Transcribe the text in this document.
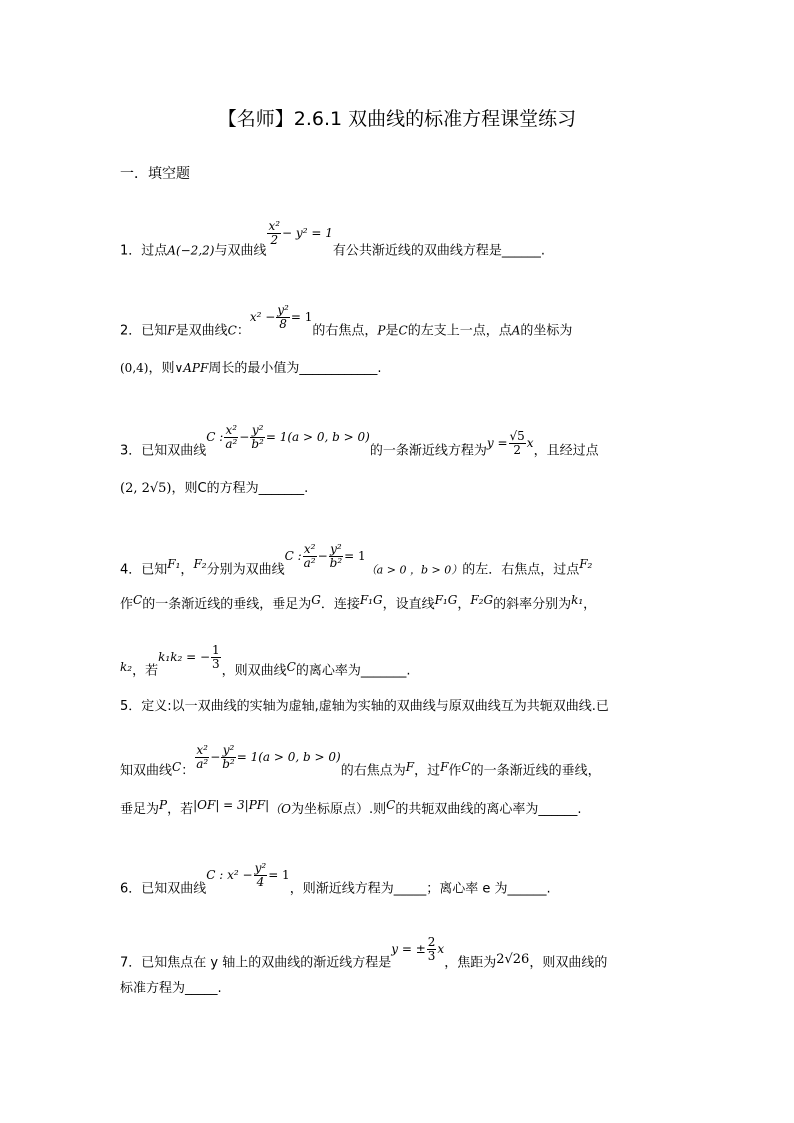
【名师】2.6.1 双曲线的标准方程课堂练习
一．填空题
1．过点A(−2,2)与双曲线
$\frac{\text{x²}}{2} - y^2 = 1$有公共渐近线的双曲线方程是______.
2．已知F是双曲线C：$x^2 - \frac{\text{y²}}{8} = 1$的右焦点，P是C的左支上一点，点A的坐标为
(0,4)，则∨APF周长的最小值为____________.
3．已知双曲线C : $\frac{\text{x²}}{\text{a²}} - \frac{\text{y²}}{\text{b²}} = 1(a > 0$, b > 0)的一条渐近线方程为$y = \frac{√5}{2}$ x，且经过点
(2, 2√5)，则C的方程为_______.
4．已知F₁，F₂分别为双曲线C : $\frac{\text{x²}}{\text{a²}} - \frac{\text{y²}}{\text{b²}} = 1(a > 0$ ，b > 0）的左．右焦点，过点F₂
作C的一条渐近线的垂线，垂足为G．连接F₁G，设直线F₁G，F₂G的斜率分别为k₁，
k₂，若k₁k₂ = − $\frac{1}{3}$
，则双曲线C的离心率为_______.
5．定义:以一双曲线的实轴为虚轴,虚轴为实轴的双曲线与原双曲线互为共轭双曲线.已
知双曲线C：
$\frac{\text{x²}}{\text{a²}} - \frac{\text{y²}}{\text{b²}} = 1(a > 0$, b > 0)的右焦点为F，过F作C的一条渐近线的垂线，
垂足为P，若|OF| = 3|PF|（O为坐标原点）.则C的共轭双曲线的离心率为______.
6．已知双曲线C : $x^2 - \frac{\text{y²}}{4} = 1$，则渐近线方程为_____；离心率 e 为______.
7．已知焦点在 y 轴上的双曲线的渐近线方程是y = ± $\frac{2}{3}$ x，焦距为2√26，则双曲线的
标准方程为_____.
